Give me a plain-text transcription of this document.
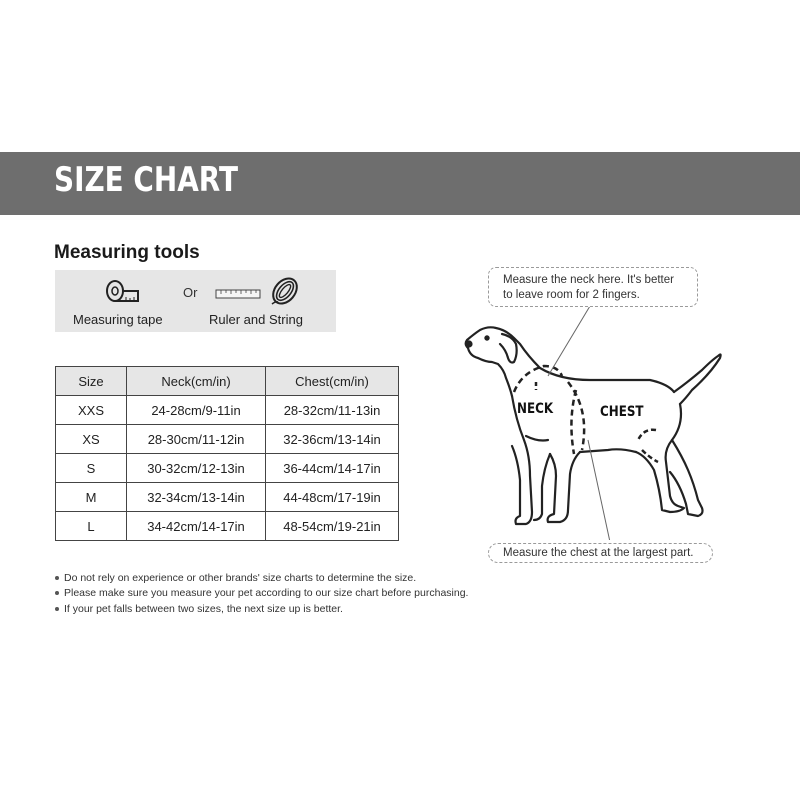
SIZE CHART
Measuring tools
Measuring tape
Or
Ruler and String
Size	Neck(cm/in)	Chest(cm/in)
XXS	24-28cm/9-11in	28-32cm/11-13in
XS	28-30cm/11-12in	32-36cm/13-14in
S	30-32cm/12-13in	36-44cm/14-17in
M	32-34cm/13-14in	44-48cm/17-19in
L	34-42cm/14-17in	48-54cm/19-21in
Do not rely on experience or other brands' size charts to determine the size.
Please make sure you measure your pet according to our size chart before purchasing.
If your pet falls between two sizes, the next size up is better.
NECK	CHEST
Measure the neck here. It's better
to leave room for 2 fingers.
Measure the chest at the largest part.
